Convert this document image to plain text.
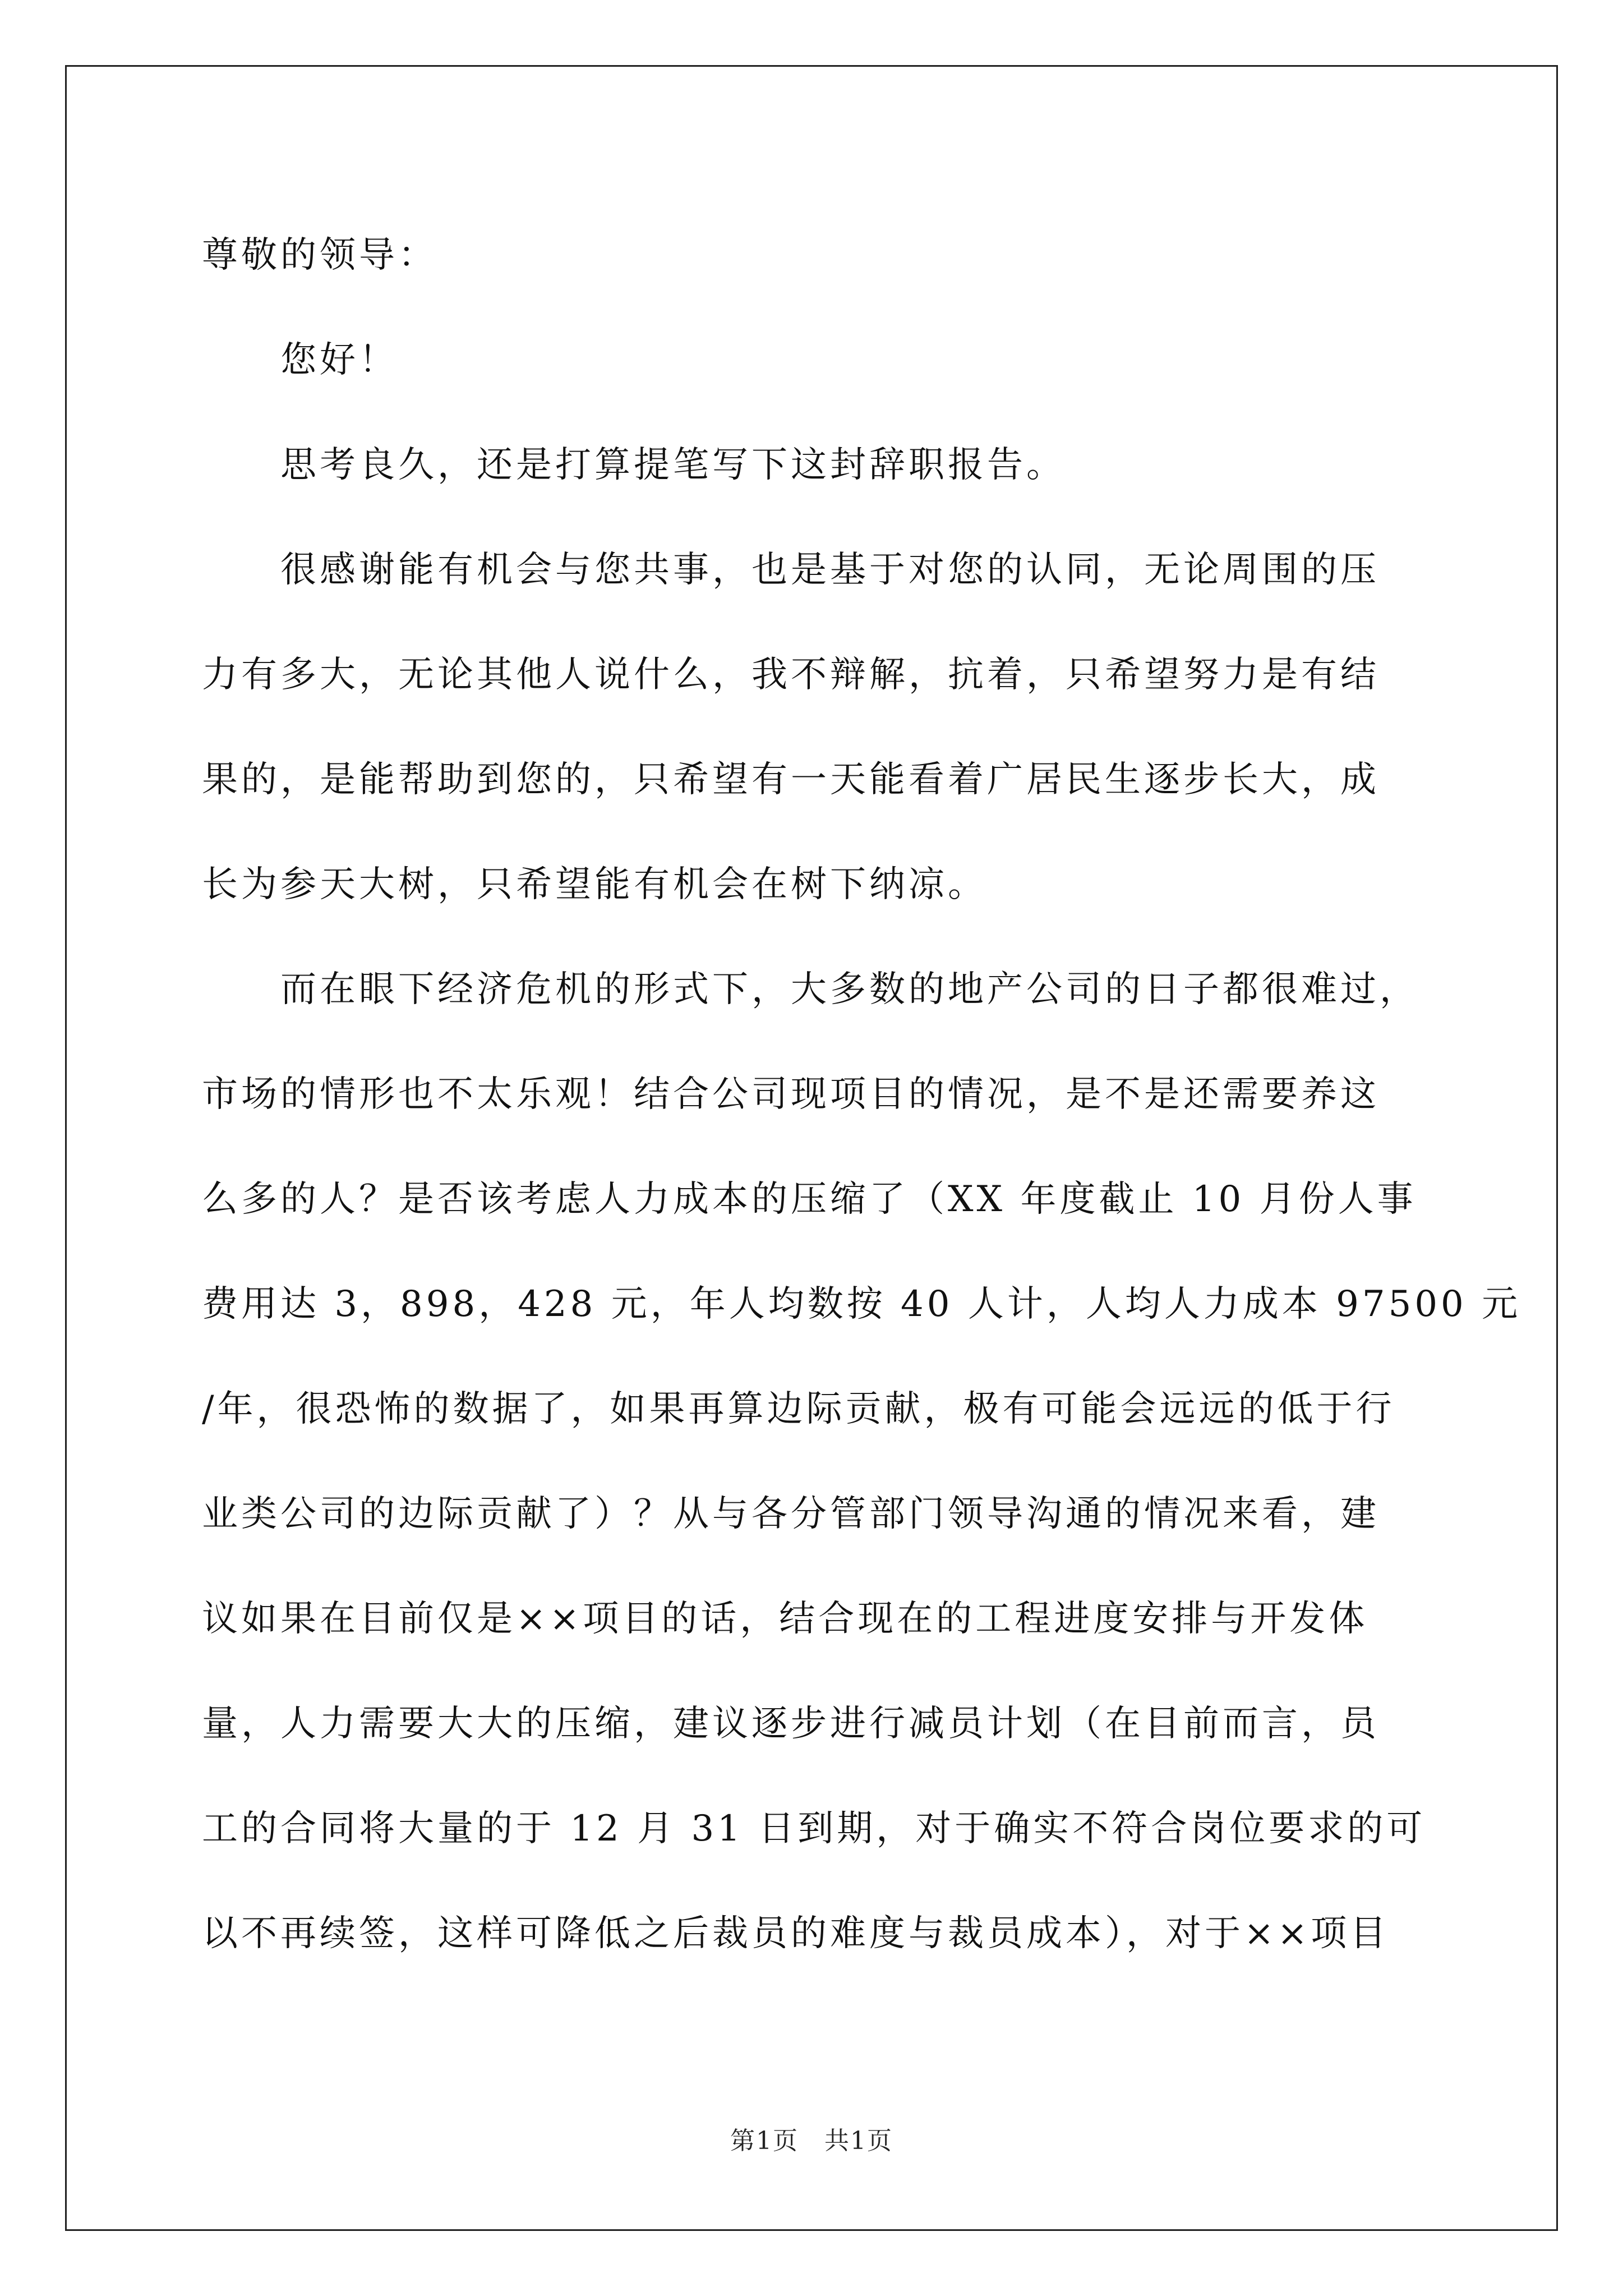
尊敬的领导：
您好！
思考良久，还是打算提笔写下这封辞职报告。
很感谢能有机会与您共事，也是基于对您的认同，无论周围的压
力有多大，无论其他人说什么，我不辩解，抗着，只希望努力是有结
果的，是能帮助到您的，只希望有一天能看着广居民生逐步长大，成
长为参天大树，只希望能有机会在树下纳凉。
而在眼下经济危机的形式下，大多数的地产公司的日子都很难过，
市场的情形也不太乐观！结合公司现项目的情况，是不是还需要养这
么多的人？是否该考虑人力成本的压缩了（XX 年度截止 10 月份人事
费用达 3，898，428 元，年人均数按 40 人计，人均人力成本 97500 元
/年，很恐怖的数据了，如果再算边际贡献，极有可能会远远的低于行
业类公司的边际贡献了）？从与各分管部门领导沟通的情况来看，建
议如果在目前仅是××项目的话，结合现在的工程进度安排与开发体
量，人力需要大大的压缩，建议逐步进行减员计划（在目前而言，员
工的合同将大量的于 12 月 31 日到期，对于确实不符合岗位要求的可
以不再续签，这样可降低之后裁员的难度与裁员成本），对于××项目
第1页　共1页
